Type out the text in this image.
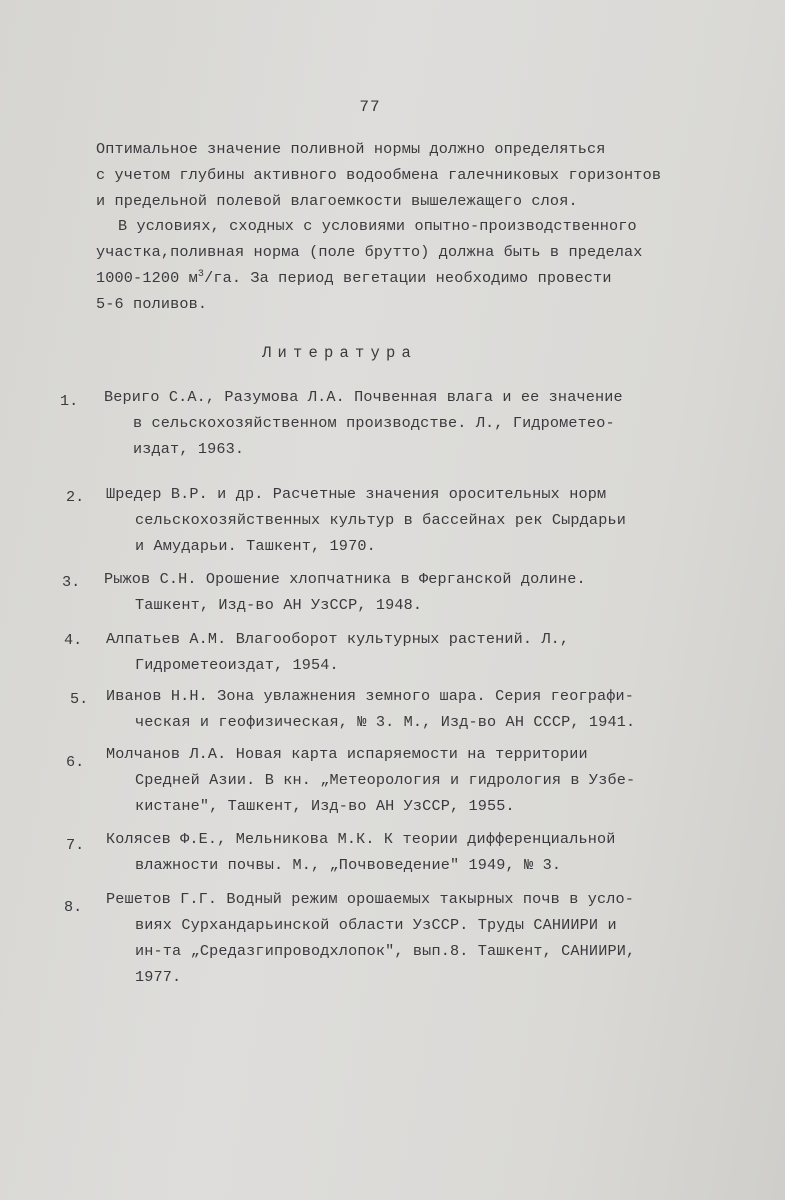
77
Оптимальное значение поливной нормы должно определяться
с учетом глубины активного водообмена галечниковых горизонтов
и предельной полевой влагоемкости вышележащего слоя.
В условиях, сходных с условиями опытно-производственного
участка,поливная норма (поле брутто) должна быть в пределах
1000-1200 $м^3/га$. За период вегетации необходимо провести
5-6 поливов.
Литература
1. Вериго С.А., Разумова Л.А. Почвенная влага и ее значение
в сельскохозяйственном производстве. Л., Гидрометео-
издат, 1963.
2. Шредер В.Р. и др. Расчетные значения оросительных норм
сельскохозяйственных культур в бассейнах рек Сырдарьи
и Амударьи. Ташкент, 1970.
3. Рыжов С.Н. Орошение хлопчатника в Ферганской долине.
Ташкент, Изд-во АН УзССР, 1948.
4. Алпатьев А.М. Влагооборот культурных растений. Л.,
Гидрометеоиздат, 1954.
5. Иванов Н.Н. Зона увлажнения земного шара. Серия географи-
ческая и геофизическая, № 3. М., Изд-во АН СССР, 1941.
6. Молчанов Л.А. Новая карта испаряемости на территории
Средней Азии. В кн. „Метеорология и гидрология в Узбе-
кистане", Ташкент, Изд-во АН УзССР, 1955.
7. Колясев Ф.Е., Мельникова М.К. К теории дифференциальной
влажности почвы. М., „Почвоведение" 1949, № 3.
8. Решетов Г.Г. Водный режим орошаемых такырных почв в усло-
виях Сурхандарьинской области УзССР. Труды САНИИРИ и
ин-та „Средазгипроводхлопок", вып.8. Ташкент, САНИИРИ,
1977.
